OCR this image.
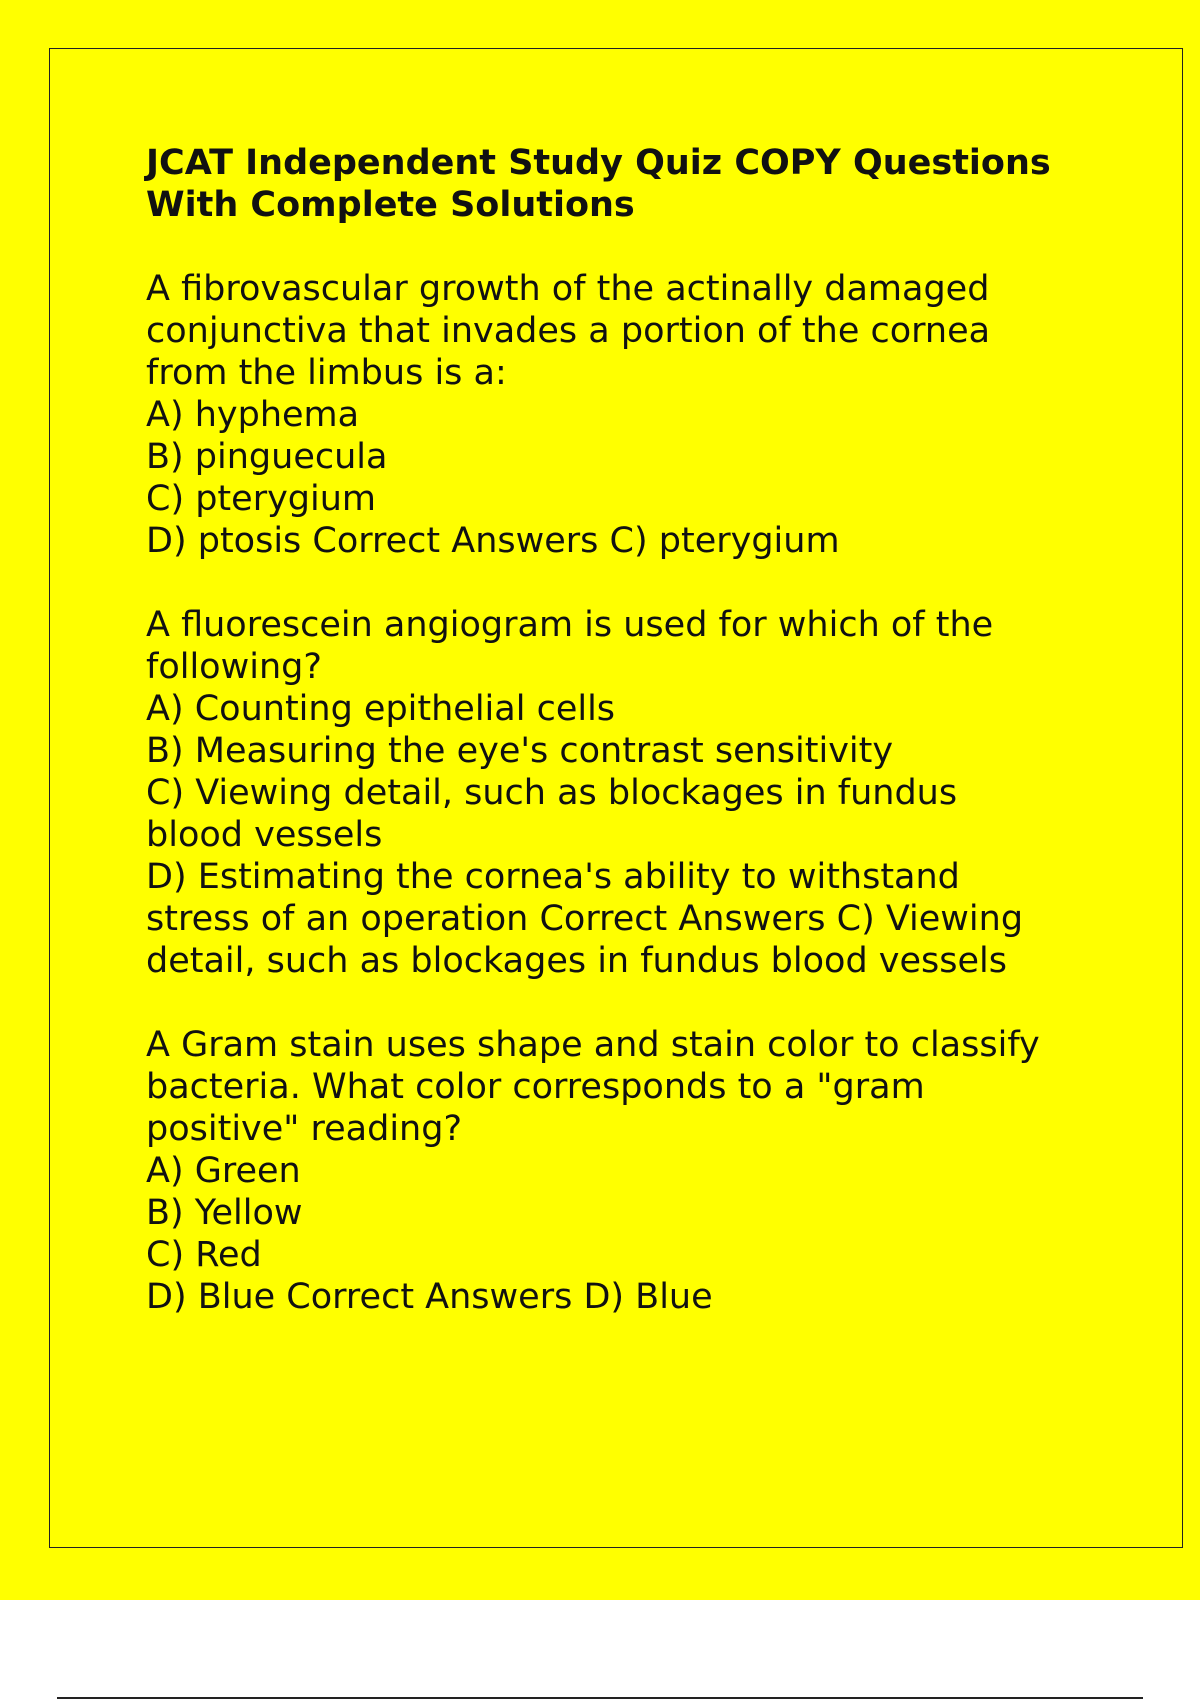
JCAT Independent Study Quiz COPY Questions
With Complete Solutions

A fibrovascular growth of the actinally damaged
conjunctiva that invades a portion of the cornea
from the limbus is a:

A) hyphema

B) pinguecula

C) pterygium

D) ptosis Correct Answers C) pterygium

A fluorescein angiogram is used for which of the
following?

A) Counting epithelial cells

B) Measuring the eye's contrast sensitivity

C) Viewing detail, such as blockages in fundus
blood vessels

D) Estimating the cornea's ability to withstand
stress of an operation Correct Answers C) Viewing
detail, such as blockages in fundus blood vessels

A Gram stain uses shape and stain color to classify
bacteria. What color corresponds to a "gram
positive" reading?

A) Green

B) Yellow

C) Red

D) Blue Correct Answers D) Blue
